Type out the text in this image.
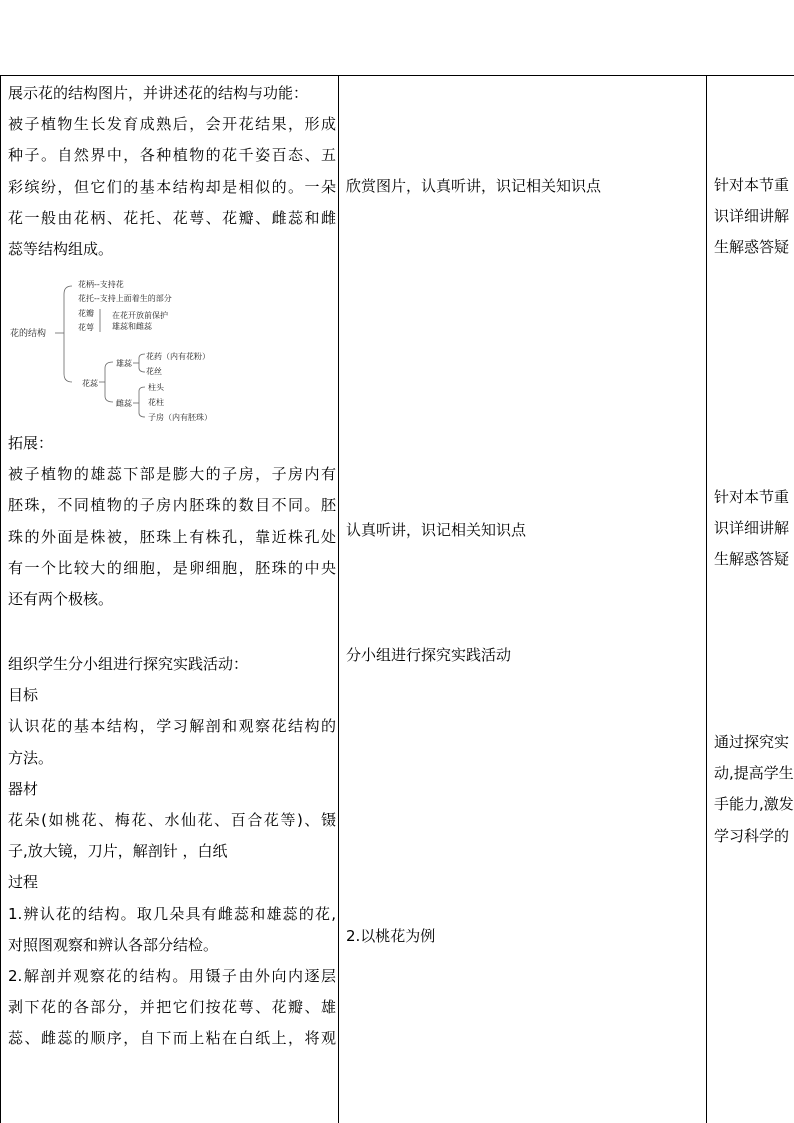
展示花的结构图片，并讲述花的结构与功能：
被子植物生长发育成熟后，会开花结果，形成
种子。自然界中，各种植物的花千姿百态、五
彩缤纷，但它们的基本结构却是相似的。一朵
花一般由花柄、花托、花萼、花瓣、雌蕊和雌
蕊等结构组成。
花的结构
花柄--支持花
花托--支持上面着生的部分
花瓣
花萼
在花开放前保护
雄蕊和雌蕊
花蕊
雄蕊
花药（内有花粉）
花丝
雌蕊
柱头
花柱
子房（内有胚珠）
拓展：
被子植物的雄蕊下部是膨大的子房，子房内有
胚珠，不同植物的子房内胚珠的数目不同。胚
珠的外面是株被，胚珠上有株孔，靠近株孔处
有一个比较大的细胞，是卵细胞，胚珠的中央
还有两个极核。
组织学生分小组进行探究实践活动：
目标
认识花的基本结构，学习解剖和观察花结构的
方法。
器材
花朵(如桃花、梅花、水仙花、百合花等)、镊
子,放大镜，刀片，解剖针 ，白纸
过程
1.辨认花的结构。取几朵具有雌蕊和雄蕊的花,
对照图观察和辨认各部分结检。
2.解剖并观察花的结构。用镊子由外向内逐层
剥下花的各部分，并把它们按花萼、花瓣、雄
蕊、雌蕊的顺序，自下而上粘在白纸上，将观
欣赏图片，认真听讲，识记相关知识点
认真听讲，识记相关知识点
分小组进行探究实践活动
2.以桃花为例
针对本节重
识详细讲解
生解惑答疑
针对本节重
识详细讲解
生解惑答疑
通过探究实
动,提高学生
手能力,激发
学习科学的
